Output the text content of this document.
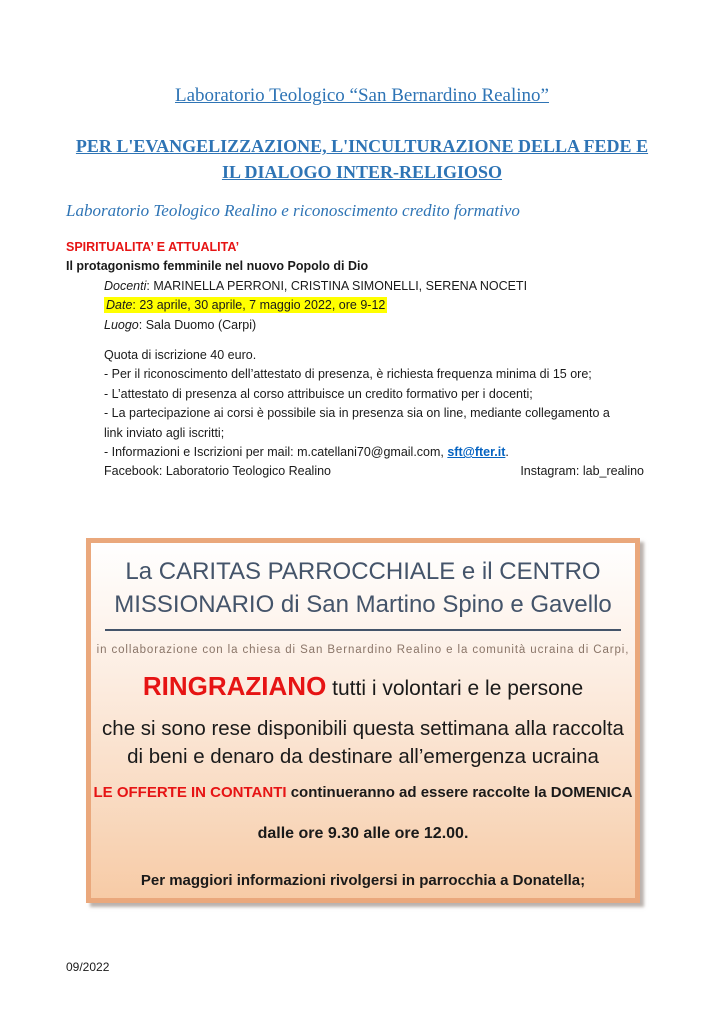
Laboratorio Teologico “San Bernardino Realino”
PER L'EVANGELIZZAZIONE, L'INCULTURAZIONE DELLA FEDE E
IL DIALOGO INTER-RELIGIOSO
Laboratorio Teologico Realino e riconoscimento credito formativo
SPIRITUALITA’ E ATTUALITA’
Il protagonismo femminile nel nuovo Popolo di Dio
Docenti: MARINELLA PERRONI, CRISTINA SIMONELLI, SERENA NOCETI
Date: 23 aprile, 30 aprile, 7 maggio 2022, ore 9-12
Luogo: Sala Duomo (Carpi)
Quota di iscrizione 40 euro.
- Per il riconoscimento dell’attestato di presenza, è richiesta frequenza minima di 15 ore;
- L’attestato di presenza al corso attribuisce un credito formativo per i docenti;
- La partecipazione ai corsi è possibile sia in presenza sia on line, mediante collegamento a
link inviato agli iscritti;
- Informazioni e Iscrizioni per mail: m.catellani70@gmail.com, sft@fter.it.
Facebook: Laboratorio Teologico Realino	Instagram: lab_realino
La CARITAS PARROCCHIALE e il CENTRO
MISSIONARIO di San Martino Spino e Gavello
in collaborazione con la chiesa di San Bernardino Realino e la comunità ucraina di Carpi,
RINGRAZIANO tutti i volontari e le persone
che si sono rese disponibili questa settimana alla raccolta
di beni e denaro da destinare all’emergenza ucraina
LE OFFERTE IN CONTANTI continueranno ad essere raccolte la DOMENICA
dalle ore 9.30 alle ore 12.00.
Per maggiori informazioni rivolgersi in parrocchia a Donatella;
09/2022
